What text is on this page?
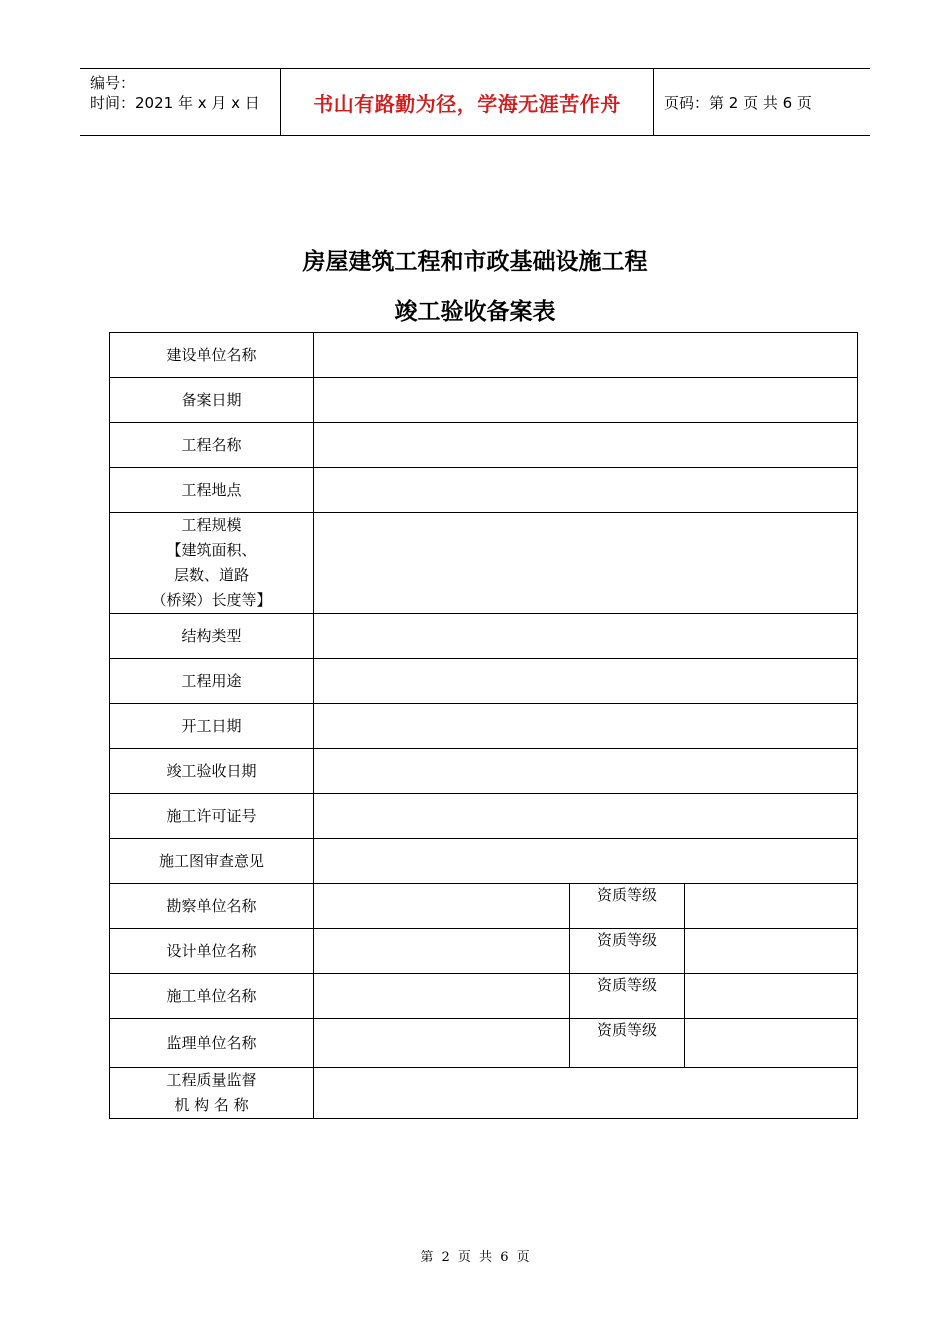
编号：
时间：2021 年 x 月 x 日	书山有路勤为径，学海无涯苦作舟	页码：第 2 页 共 6 页
房屋建筑工程和市政基础设施工程
竣工验收备案表
建设单位名称			
备案日期			
工程名称			
工程地点			

工程规模
【建筑面积、
层数、道路
（桥梁）长度等】			

结构类型			
工程用途			
开工日期			
竣工验收日期			
施工许可证号			
施工图审查意见			
勘察单位名称		资质等级	
设计单位名称		资质等级	
施工单位名称		资质等级	
监理单位名称		资质等级	

工程质量监督
机 构 名 称			

第 2 页 共 6 页
